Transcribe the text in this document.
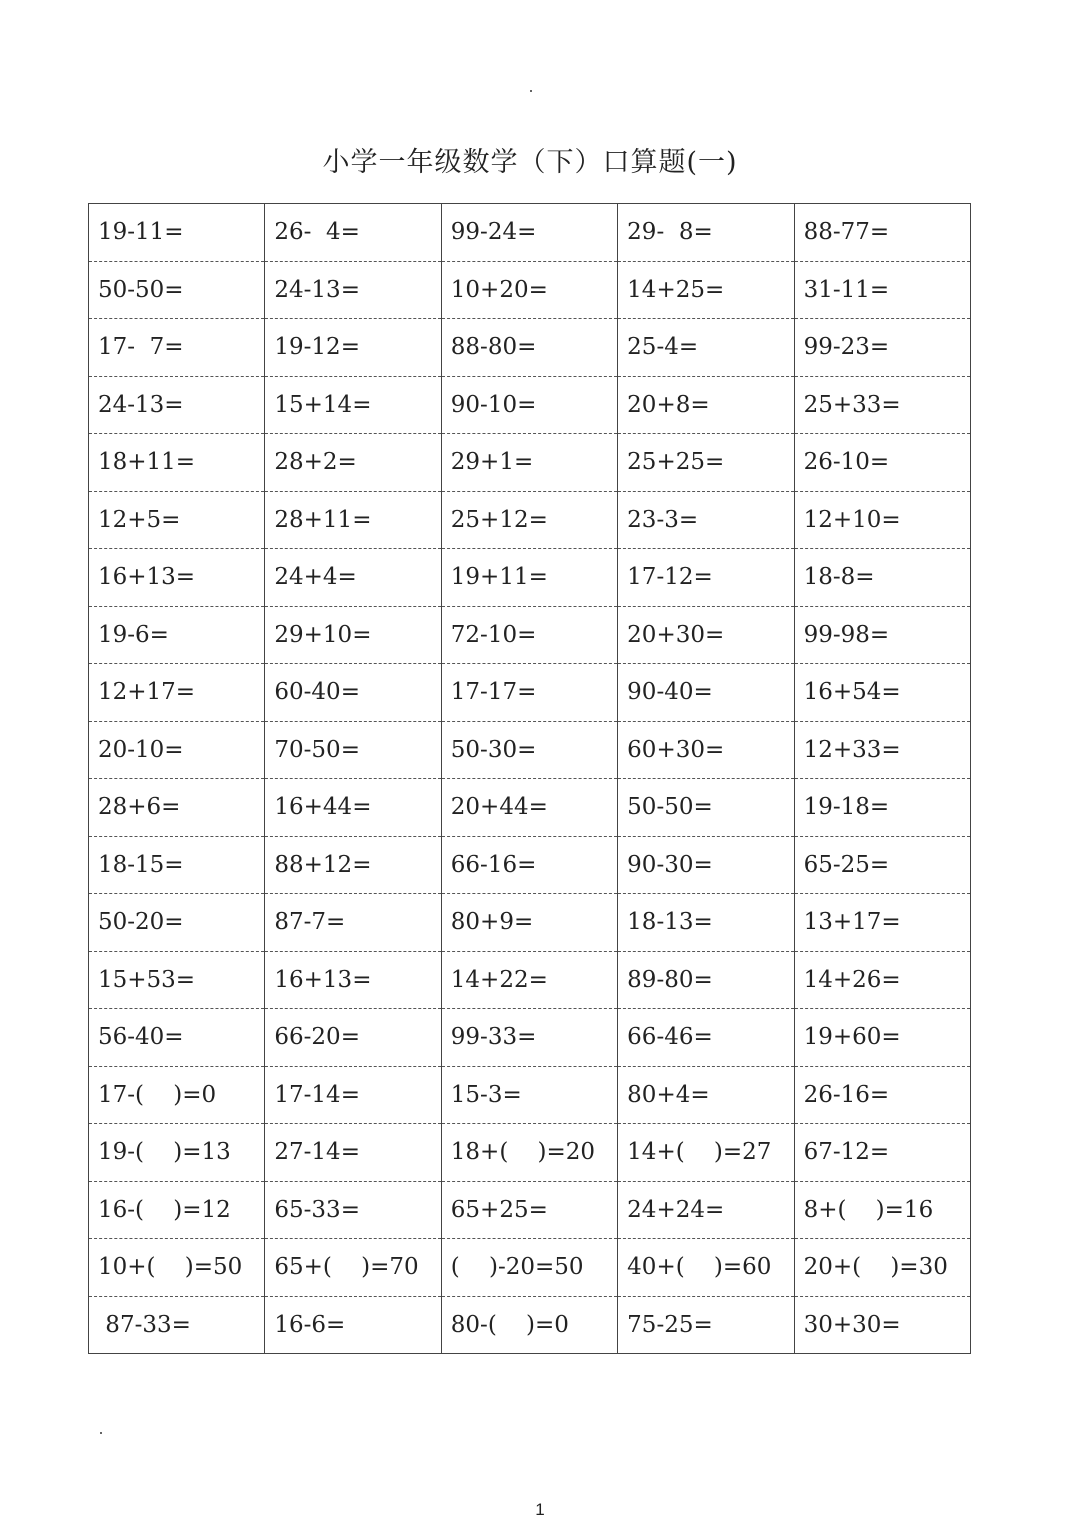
小学一年级数学（下）口算题(一)
19-11=	26-  4=	99-24=	29-  8=	88-77=
50-50=	24-13=	10+20=	14+25=	31-11=
17-  7=	19-12=	88-80=	25-4=	99-23=
24-13=	15+14=	90-10=	20+8=	25+33=
18+11=	28+2=	29+1=	25+25=	26-10=
12+5=	28+11=	25+12=	23-3=	12+10=
16+13=	24+4=	19+11=	17-12=	18-8=
19-6=	29+10=	72-10=	20+30=	99-98=
12+17=	60-40=	17-17=	90-40=	16+54=
20-10=	70-50=	50-30=	60+30=	12+33=
28+6=	16+44=	20+44=	50-50=	19-18=
18-15=	88+12=	66-16=	90-30=	65-25=
50-20=	87-7=	80+9=	18-13=	13+17=
15+53=	16+13=	14+22=	89-80=	14+26=
56-40=	66-20=	99-33=	66-46=	19+60=
17-(    )=0	17-14=	15-3=	80+4=	26-16=
19-(    )=13	27-14=	18+(    )=20	14+(    )=27	67-12=
16-(    )=12	65-33=	65+25=	24+24=	8+(    )=16
10+(    )=50	65+(    )=70	(    )-20=50	40+(    )=60	20+(    )=30
87-33=	16-6=	80-(    )=0	75-25=	30+30=
1
